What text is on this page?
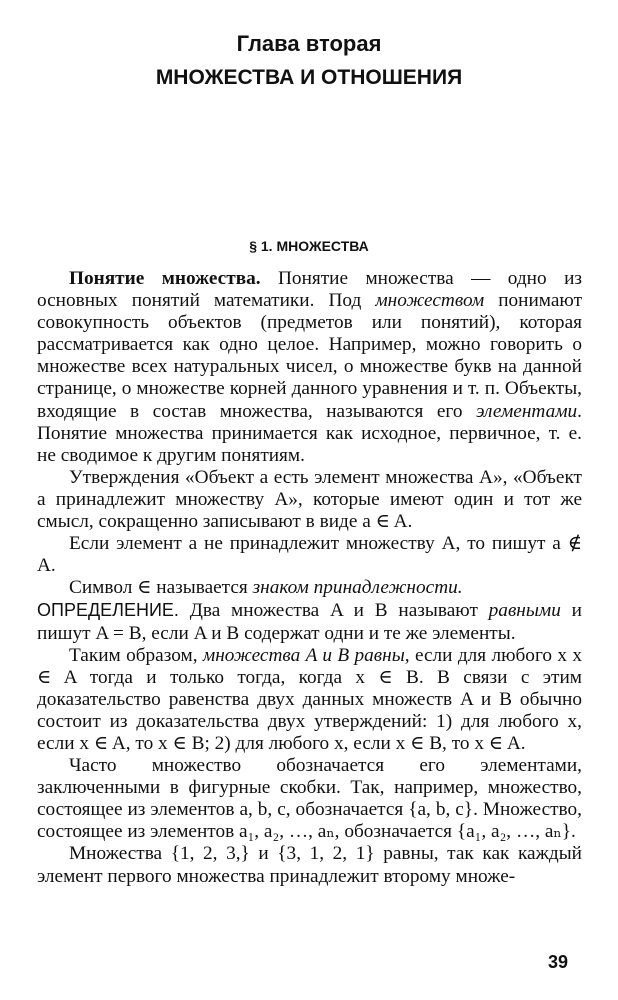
Глава вторая
МНОЖЕСТВА И ОТНОШЕНИЯ
§ 1. МНОЖЕСТВА

Понятие множества. Понятие множества — одно из основных понятий математики. Под множеством понимают совокупность объектов (предметов или понятий), которая рассматривается как одно целое. Например, можно говорить о множестве всех натуральных чисел, о множестве букв на данной странице, о множестве корней данного уравнения и т. п. Объекты, входящие в состав множества, называются его элементами. Понятие множества принимается как исходное, первичное, т. е. не сводимое к другим понятиям.

Утверждения «Объект a есть элемент множества A», «Объект a принадлежит множеству A», которые имеют один и тот же смысл, сокращенно записывают в виде a ∈ A.

Если элемент a не принадлежит множеству A, то пишут a ∉ A.

Символ ∈ называется знаком принадлежности.

ОПРЕДЕЛЕНИЕ. Два множества A и B называют равными и пишут A = B, если A и B содержат одни и те же элементы.

Таким образом, множества A и B равны, если для любого x x ∈ A тогда и только тогда, когда x ∈ B. В связи с этим доказательство равенства двух данных множеств A и B обычно состоит из доказательства двух утверждений: 1) для любого x, если x ∈ A, то x ∈ B; 2) для любого x, если x ∈ B, то x ∈ A.

Часто множество обозначается его элементами, заключенными в фигурные скобки. Так, например, множество, состоящее из элементов a, b, c, обозначается {a, b, c}. Множество, состоящее из элементов a₁, a₂, …, aₙ, обозначается {a₁, a₂, …, aₙ}.

Множества {1, 2, 3,} и {3, 1, 2, 1} равны, так как каждый элемент первого множества принадлежит второму множе-

39
